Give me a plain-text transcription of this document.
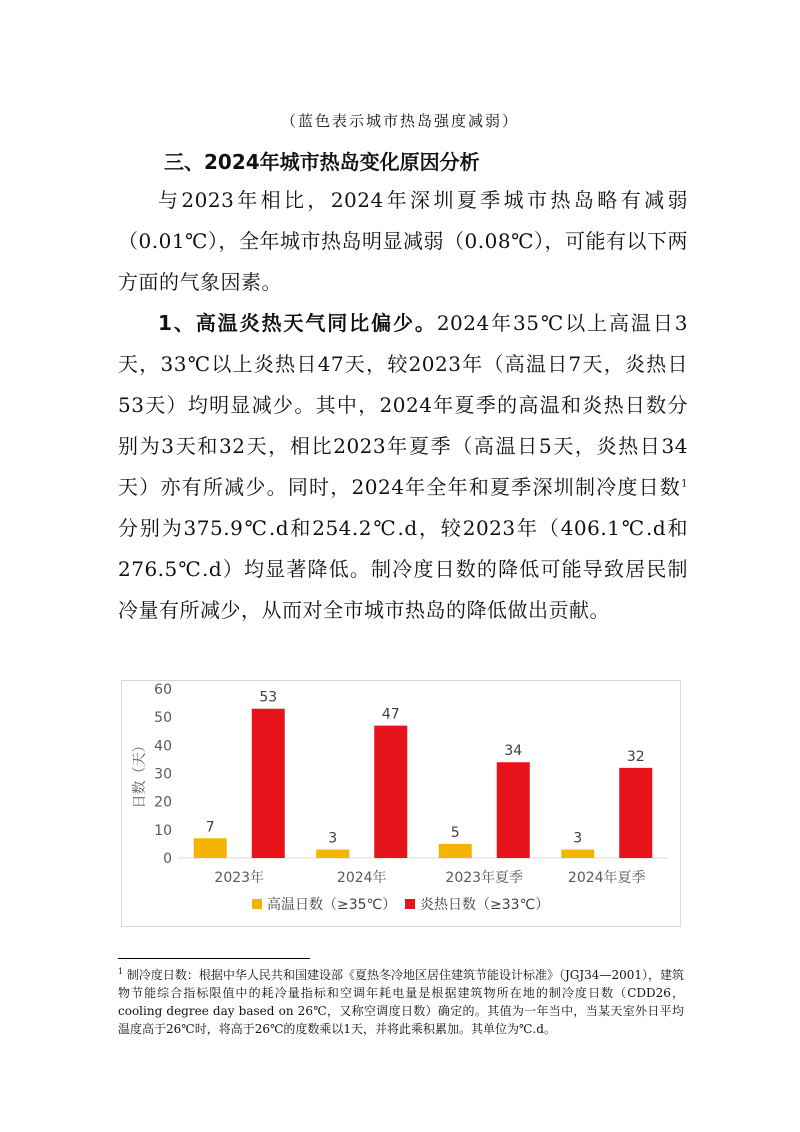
（蓝色表示城市热岛强度减弱）
三、2024年城市热岛变化原因分析

与2023年相比，2024年深圳夏季城市热岛略有减弱（0.01℃），全年城市热岛明显减弱（0.08℃），可能有以下两方面的气象因素。

1、高温炎热天气同比偏少。2024年35℃以上高温日3天，33℃以上炎热日47天，较2023年（高温日7天，炎热日53天）均明显减少。其中，2024年夏季的高温和炎热日数分别为3天和32天，相比2023年夏季（高温日5天，炎热日34天）亦有所减少。同时，2024年全年和夏季深圳制冷度日数$^1$分别为375.9℃.d和254.2℃.d，较2023年（406.1℃.d和276.5℃.d）均显著降低。制冷度日数的降低可能导致居民制冷量有所减少，从而对全市城市热岛的降低做出贡献。

0
10
20
30
40
50
60
日数（天）
7
53
2023年
3
47
2024年
5
34
2023年夏季
3
32
2024年夏季
高温日数（≥35℃） 炎热日数（≥33℃）
$^1$ 制冷度日数：根据中华人民共和国建设部《夏热冬冷地区居住建筑节能设计标准》（JGJ34—2001），建筑物节能综合指标限值中的耗冷量指标和空调年耗电量是根据建筑物所在地的制冷度日数（CDD26，cooling degree day based on 26℃，又称空调度日数）确定的。其值为一年当中，当某天室外日平均温度高于26℃时，将高于26℃的度数乘以1天，并将此乘积累加。其单位为℃.d。
